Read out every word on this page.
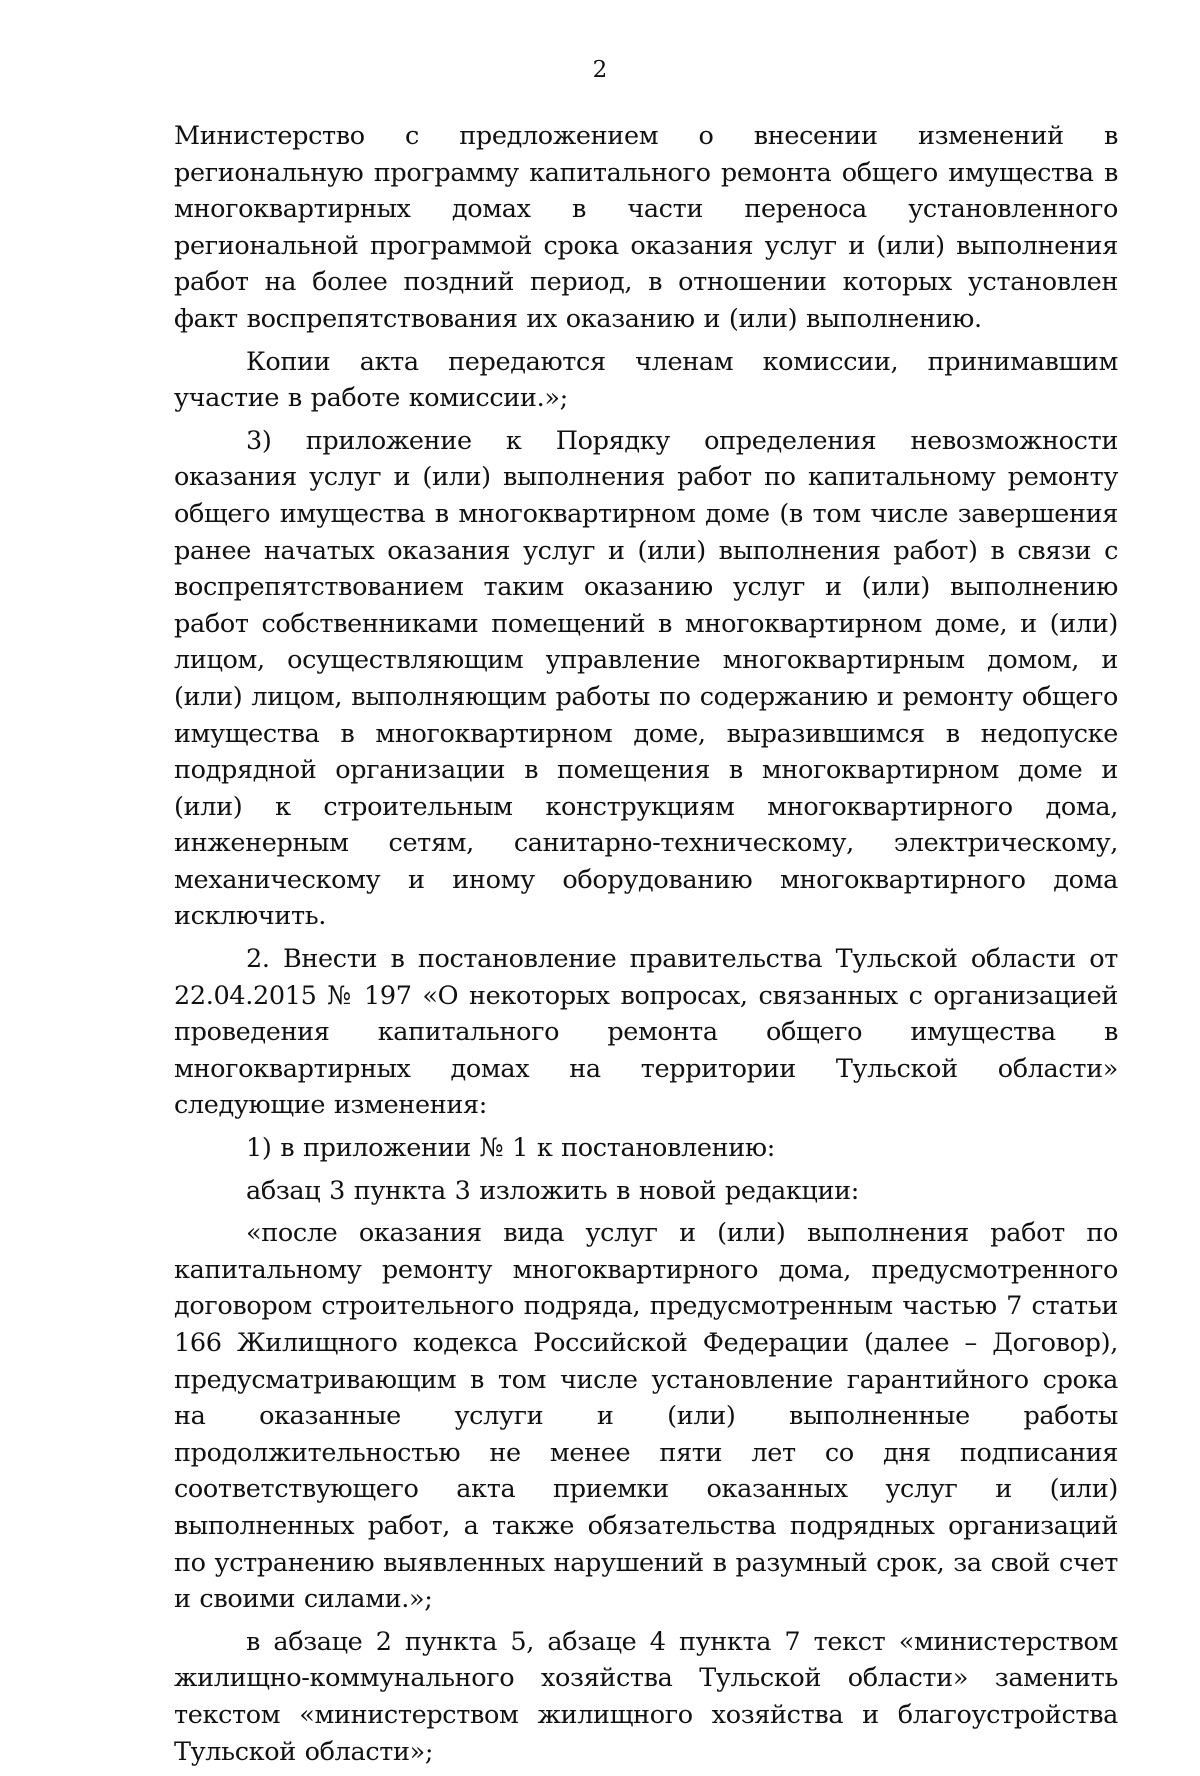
2

Министерство с предложением о внесении изменений в региональную программу капитального ремонта общего имущества в многоквартирных домах в части переноса установленного региональной программой срока оказания услуг и (или) выполнения работ на более поздний период, в отношении которых установлен факт воспрепятствования их оказанию и (или) выполнению.

Копии акта передаются членам комиссии, принимавшим участие в работе комиссии.»;

3) приложение к Порядку определения невозможности оказания услуг и (или) выполнения работ по капитальному ремонту общего имущества в многоквартирном доме (в том числе завершения ранее начатых оказания услуг и (или) выполнения работ) в связи с воспрепятствованием таким оказанию услуг и (или) выполнению работ собственниками помещений в многоквартирном доме, и (или) лицом, осуществляющим управление многоквартирным домом, и (или) лицом, выполняющим работы по содержанию и ремонту общего имущества в многоквартирном доме, выразившимся в недопуске подрядной организации в помещения в многоквартирном доме и (или) к строительным конструкциям многоквартирного дома, инженерным сетям, санитарно-техническому, электрическому, механическому и иному оборудованию многоквартирного дома исключить.

2. Внести в постановление правительства Тульской области от 22.04.2015 № 197 «О некоторых вопросах, связанных с организацией проведения капитального ремонта общего имущества в многоквартирных домах на территории Тульской области» следующие изменения:

1) в приложении № 1 к постановлению:

абзац 3 пункта 3 изложить в новой редакции:

«после оказания вида услуг и (или) выполнения работ по капитальному ремонту многоквартирного дома, предусмотренного договором строительного подряда, предусмотренным частью 7 статьи 166 Жилищного кодекса Российской Федерации (далее – Договор), предусматривающим в том числе установление гарантийного срока на оказанные услуги и (или) выполненные работы продолжительностью не менее пяти лет со дня подписания соответствующего акта приемки оказанных услуг и (или) выполненных работ, а также обязательства подрядных организаций по устранению выявленных нарушений в разумный срок, за свой счет и своими силами.»;

в абзаце 2 пункта 5, абзаце 4 пункта 7 текст «министерством жилищно-коммунального хозяйства Тульской области» заменить текстом «министерством жилищного хозяйства и благоустройства Тульской области»;
